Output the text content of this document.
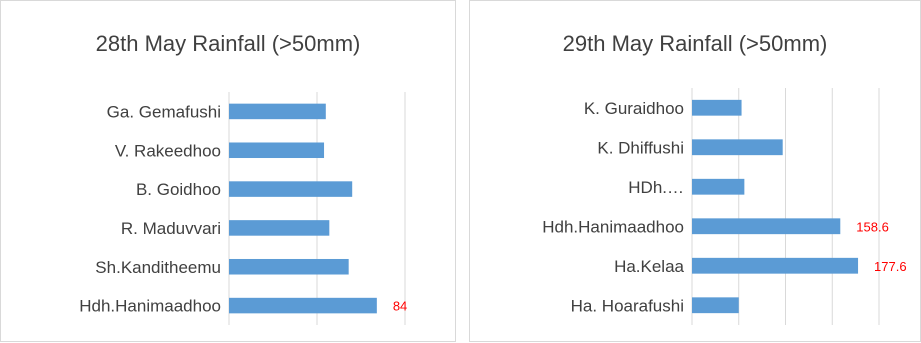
28th May Rainfall (>50mm)
Ga. Gemafushi
V. Rakeedhoo
B. Goidhoo
R. Maduvvari
Sh.Kanditheemu
Hdh.Hanimaadhoo	84
29th May Rainfall (>50mm)
K. Guraidhoo
K. Dhiffushi
HDh.…
Hdh.Hanimaadhoo	158.6
Ha.Kelaa	177.6
Ha. Hoarafushi
